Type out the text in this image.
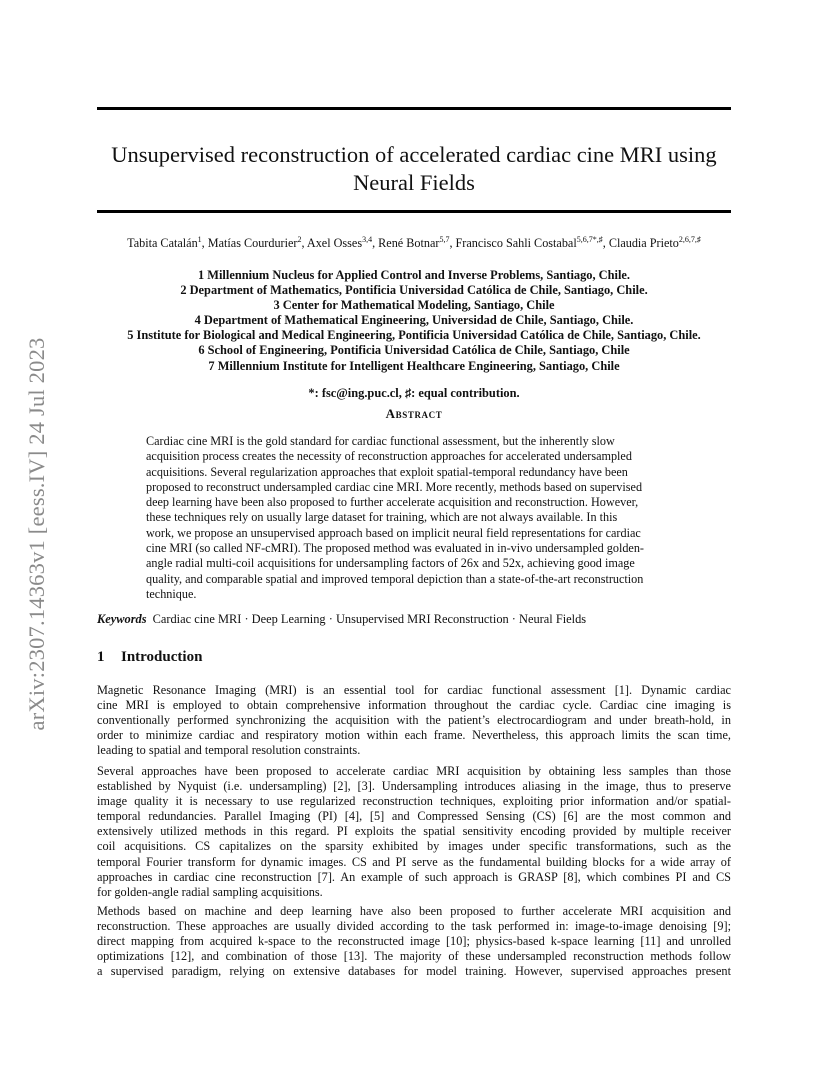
arXiv:2307.14363v1 [eess.IV] 24 Jul 2023
Unsupervised reconstruction of accelerated cardiac cine MRI using
Neural Fields
Tabita Catalán$^1$, Matías Courdurier$^2$, Axel Osses$^{3,4}$, René Botnar$^{5,7}$, Francisco Sahli Costabal$^{5,6,7*,♯}$, Claudia Prieto$^{2,6,7,♯}$
1 Millennium Nucleus for Applied Control and Inverse Problems, Santiago, Chile.
2 Department of Mathematics, Pontificia Universidad Católica de Chile, Santiago, Chile.
3 Center for Mathematical Modeling, Santiago, Chile
4 Department of Mathematical Engineering, Universidad de Chile, Santiago, Chile.
5 Institute for Biological and Medical Engineering, Pontificia Universidad Católica de Chile, Santiago, Chile.
6 School of Engineering, Pontificia Universidad Católica de Chile, Santiago, Chile
7 Millennium Institute for Intelligent Healthcare Engineering, Santiago, Chile
*: fsc@ing.puc.cl, ♯: equal contribution.
Abstract
Cardiac cine MRI is the gold standard for cardiac functional assessment, but the inherently slow
acquisition process creates the necessity of reconstruction approaches for accelerated undersampled
acquisitions. Several regularization approaches that exploit spatial-temporal redundancy have been
proposed to reconstruct undersampled cardiac cine MRI. More recently, methods based on supervised
deep learning have been also proposed to further accelerate acquisition and reconstruction. However,
these techniques rely on usually large dataset for training, which are not always available. In this
work, we propose an unsupervised approach based on implicit neural field representations for cardiac
cine MRI (so called NF-cMRI). The proposed method was evaluated in in-vivo undersampled golden-
angle radial multi-coil acquisitions for undersampling factors of 26x and 52x, achieving good image
quality, and comparable spatial and improved temporal depiction than a state-of-the-art reconstruction
technique.
Keywords Cardiac cine MRI · Deep Learning · Unsupervised MRI Reconstruction · Neural Fields
1 Introduction
Magnetic Resonance Imaging (MRI) is an essential tool for cardiac functional assessment [1]. Dynamic cardiac
cine MRI is employed to obtain comprehensive information throughout the cardiac cycle. Cardiac cine imaging is
conventionally performed synchronizing the acquisition with the patient’s electrocardiogram and under breath-hold, in
order to minimize cardiac and respiratory motion within each frame. Nevertheless, this approach limits the scan time,
leading to spatial and temporal resolution constraints.
Several approaches have been proposed to accelerate cardiac MRI acquisition by obtaining less samples than those
established by Nyquist (i.e. undersampling) [2], [3]. Undersampling introduces aliasing in the image, thus to preserve
image quality it is necessary to use regularized reconstruction techniques, exploiting prior information and/or spatial-
temporal redundancies. Parallel Imaging (PI) [4], [5] and Compressed Sensing (CS) [6] are the most common and
extensively utilized methods in this regard. PI exploits the spatial sensitivity encoding provided by multiple receiver
coil acquisitions. CS capitalizes on the sparsity exhibited by images under specific transformations, such as the
temporal Fourier transform for dynamic images. CS and PI serve as the fundamental building blocks for a wide array of
approaches in cardiac cine reconstruction [7]. An example of such approach is GRASP [8], which combines PI and CS
for golden-angle radial sampling acquisitions.
Methods based on machine and deep learning have also been proposed to further accelerate MRI acquisition and
reconstruction. These approaches are usually divided according to the task performed in: image-to-image denoising [9];
direct mapping from acquired k-space to the reconstructed image [10]; physics-based k-space learning [11] and unrolled
optimizations [12], and combination of those [13]. The majority of these undersampled reconstruction methods follow
a supervised paradigm, relying on extensive databases for model training. However, supervised approaches present
